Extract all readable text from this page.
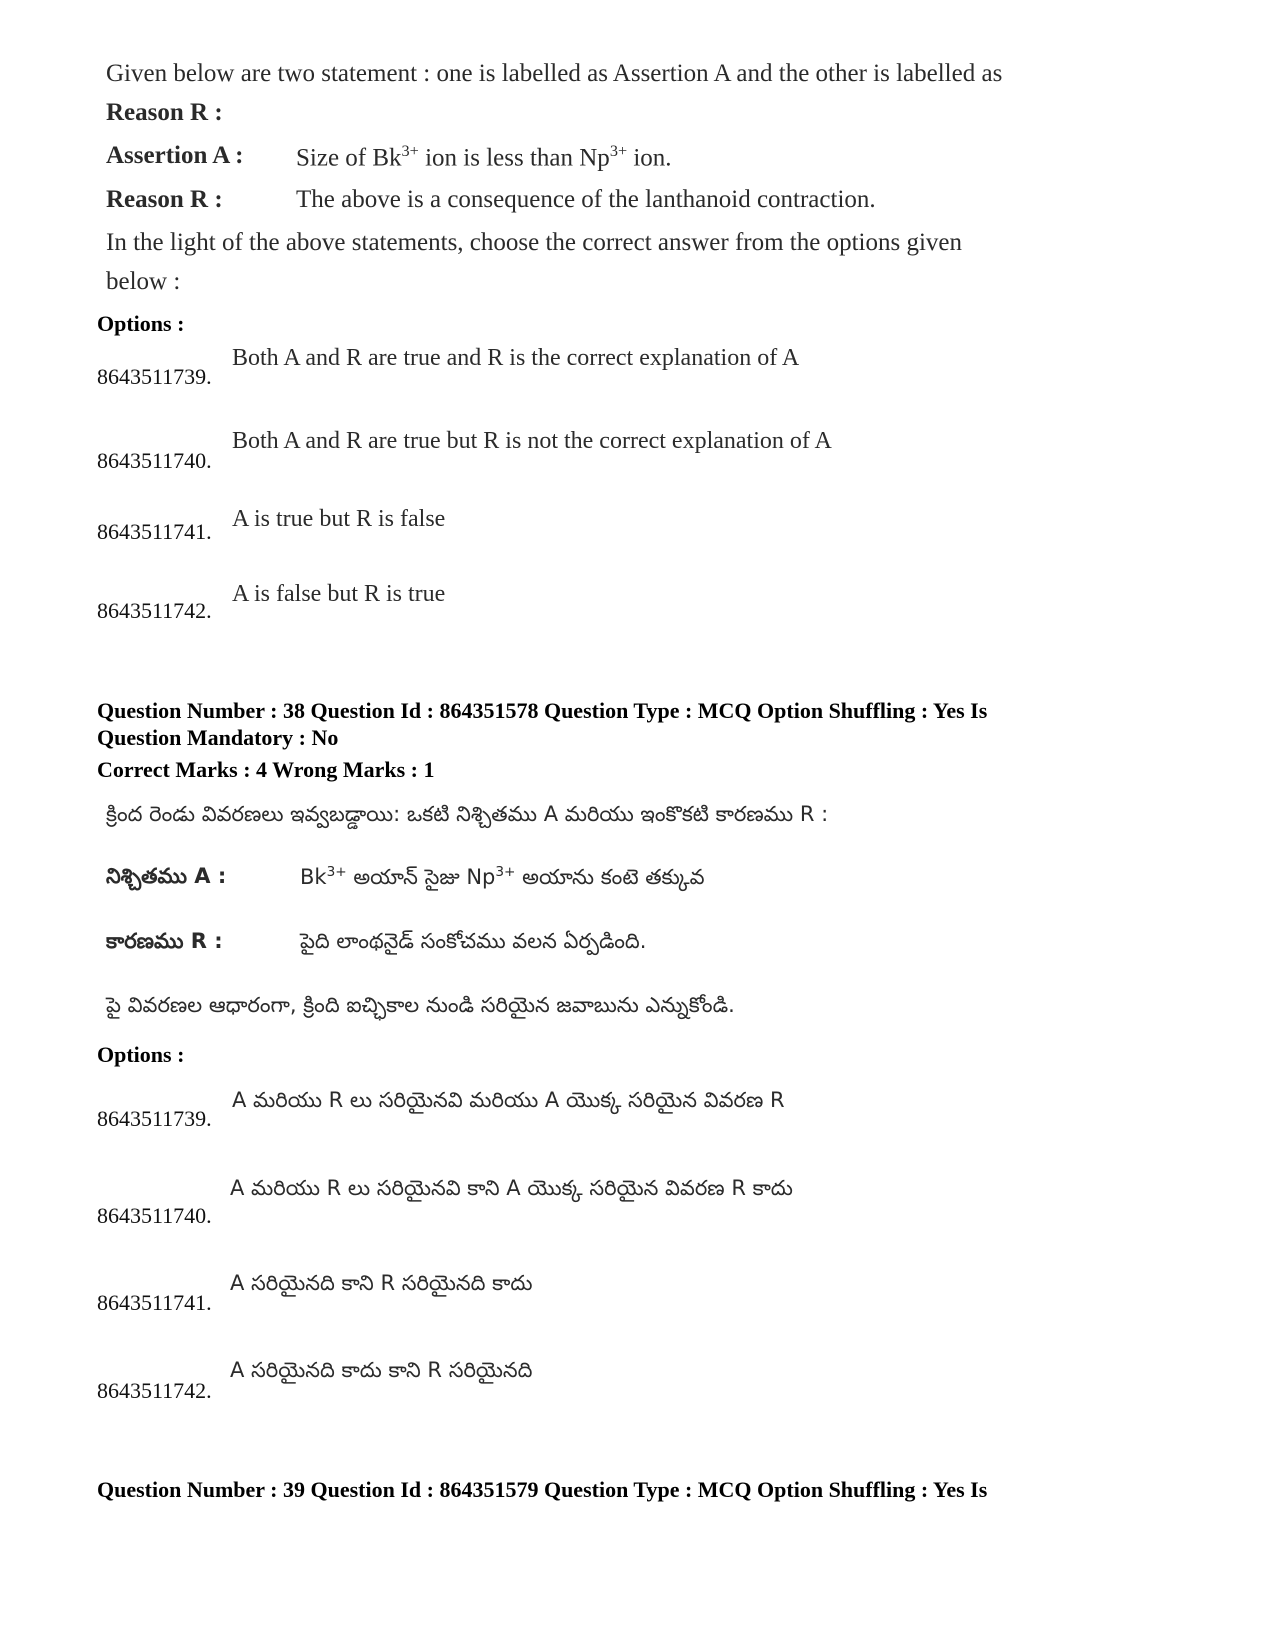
Given below are two statement : one is labelled as Assertion A and the other is labelled as
Reason R :
Assertion A :	Size of $Bk^{3+}$ ion is less than $Np^{3+}$ ion.
Reason R :	The above is a consequence of the lanthanoid contraction.
In the light of the above statements, choose the correct answer from the options given
below :
Options :
8643511739.
Both A and R are true and R is the correct explanation of A
8643511740.
Both A and R are true but R is not the correct explanation of A
8643511741. A is true but R is false
8643511742.
A is false but R is true
Question Number : 38 Question Id : 864351578 Question Type : MCQ Option Shuffling : Yes Is
Question Mandatory : No
Correct Marks : 4 Wrong Marks : 1
క్రింద రెండు వివరణలు ఇవ్వబడ్డాయి: ఒకటి నిశ్చితము A మరియు ఇంకొకటి కారణము R :
నిశ్చితము A :	$Bk^{3+}$ అయాన్ సైజు $Np^{3+}$ అయాను కంటె తక్కువ
కారణము R :	పైది లాంథనైడ్ సంకోచము వలన ఏర్పడింది.
పై వివరణల ఆధారంగా, క్రింది ఐచ్ఛికాల నుండి సరియైన జవాబును ఎన్నుకోండి.
Options :
8643511739.
A మరియు R లు సరియైనవి మరియు A యొక్క సరియైన వివరణ R
8643511740.
A మరియు R లు సరియైనవి కాని A యొక్క సరియైన వివరణ R కాదు
8643511741.
A సరియైనది కాని R సరియైనది కాదు
8643511742.
A సరియైనది కాదు కాని R సరియైనది
Question Number : 39 Question Id : 864351579 Question Type : MCQ Option Shuffling : Yes Is
